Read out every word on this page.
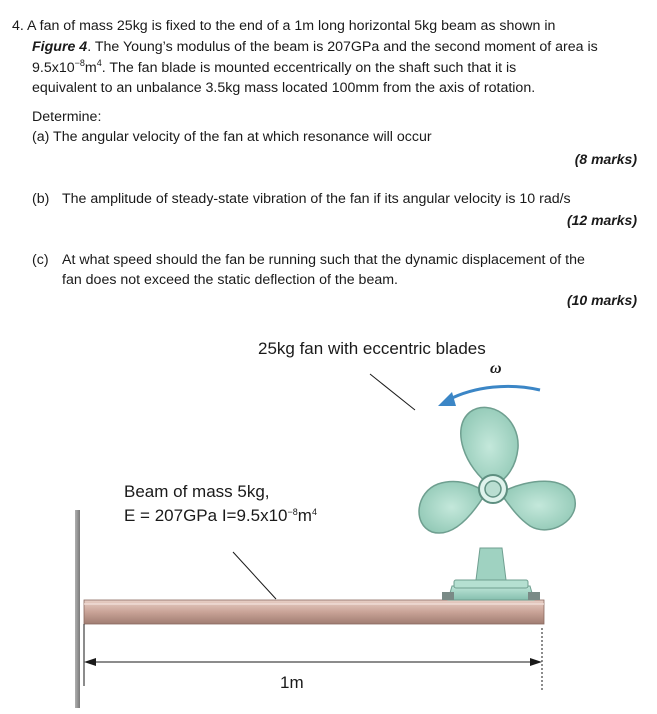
4. A fan of mass 25kg is fixed to the end of a 1m long horizontal 5kg beam as shown in
Figure 4. The Young’s modulus of the beam is 207GPa and the second moment of area is
$9.5x10^{-8}m^4$. The fan blade is mounted eccentrically on the shaft such that it is
equivalent to an unbalance 3.5kg mass located 100mm from the axis of rotation.
Determine:
(a) The angular velocity of the fan at which resonance will occur
(8 marks)
(b) The amplitude of steady-state vibration of the fan if its angular velocity is 10 rad/s
(12 marks)
(c) At what speed should the fan be running such that the dynamic displacement of the
fan does not exceed the static deflection of the beam.
(10 marks)
25kg fan with eccentric blades
ω
Beam of mass 5kg,
E = 207GPa $I=9.5x10^{-8}m^4$
1m
